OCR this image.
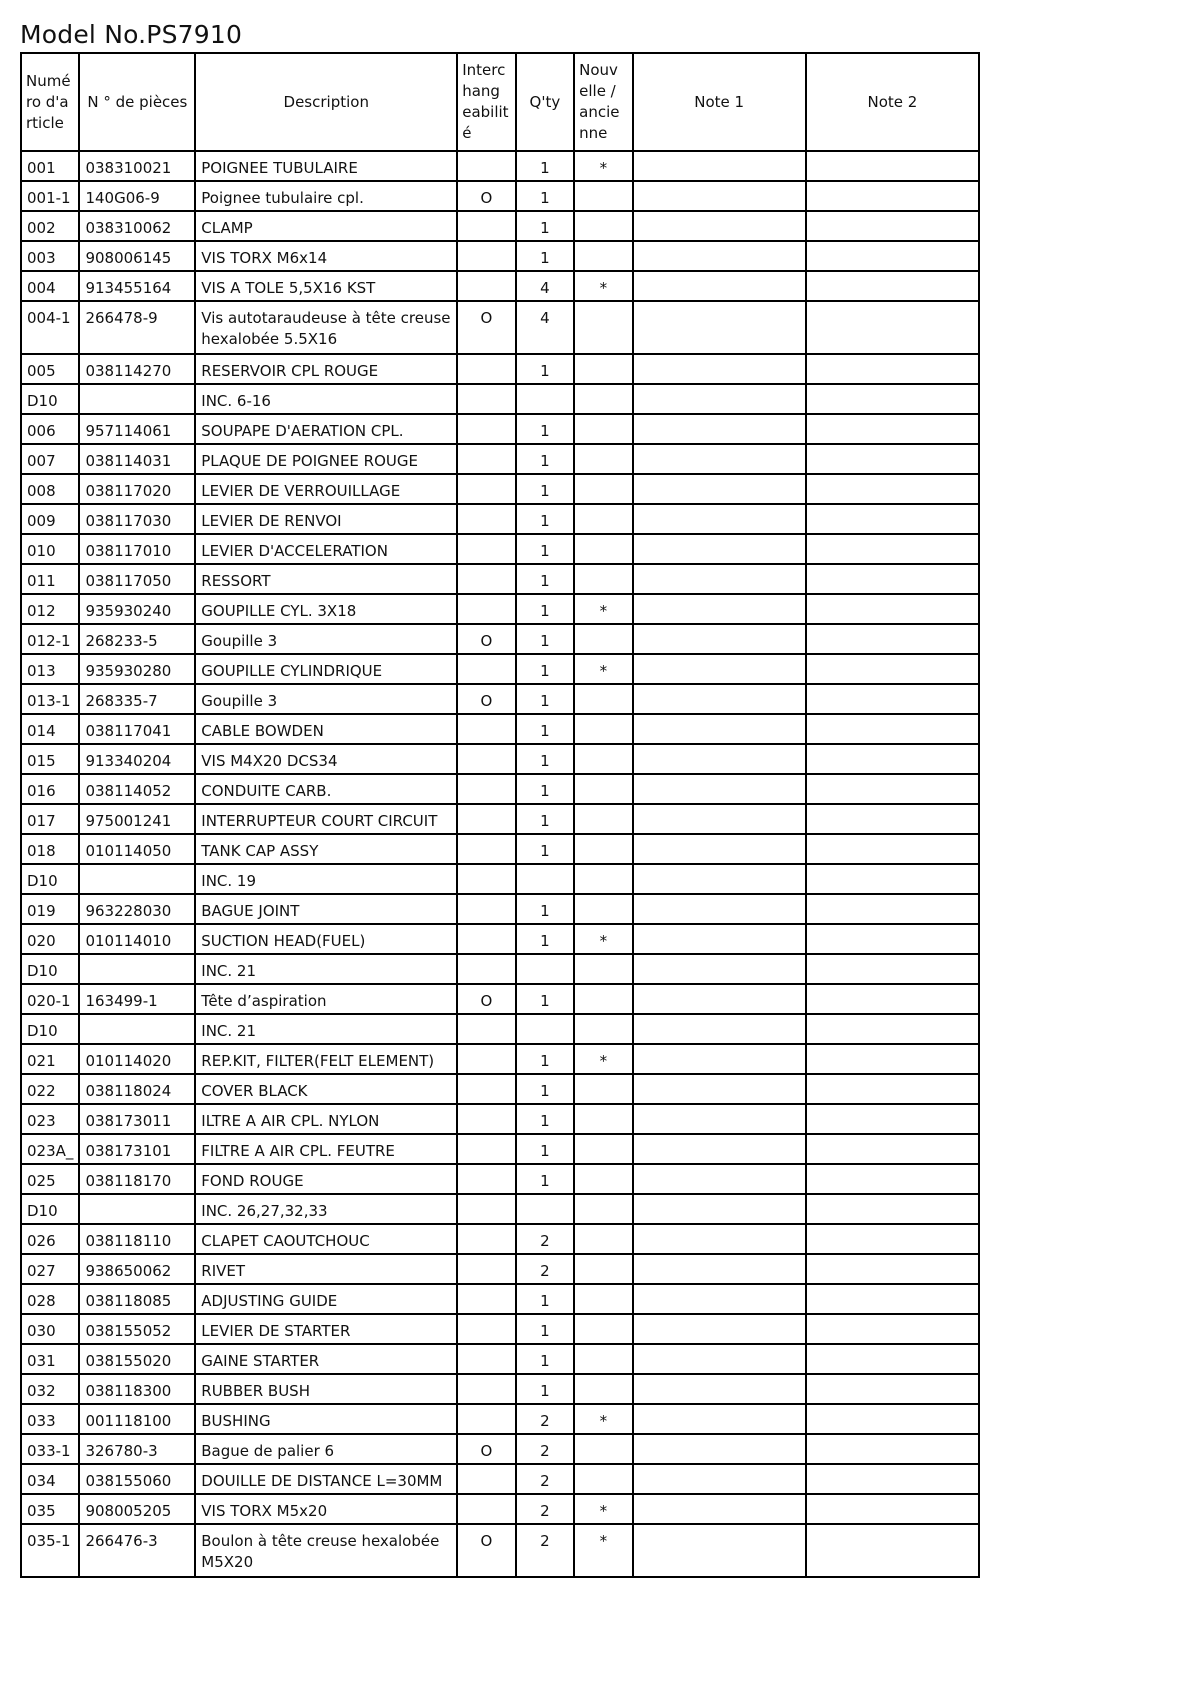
Model No.PS7910
Numé
ro d'a
rticle	N ° de pièces	Description	Interc
hang
eabilit
é	Q'ty	Nouv
elle /
ancie
nne	Note 1	Note 2
001	038310021	POIGNEE TUBULAIRE		1	*		
001-1	140G06-9	Poignee tubulaire cpl.	O	1			
002	038310062	CLAMP		1			
003	908006145	VIS TORX M6x14		1			
004	913455164	VIS A TOLE 5,5X16 KST		4	*		
004-1	266478-9	Vis autotaraudeuse à tête creuse
hexalobée 5.5X16	O	4			
005	038114270	RESERVOIR CPL ROUGE		1			
D10		INC. 6-16					
006	957114061	SOUPAPE D'AERATION CPL.		1			
007	038114031	PLAQUE DE POIGNEE ROUGE		1			
008	038117020	LEVIER DE VERROUILLAGE		1			
009	038117030	LEVIER DE RENVOI		1			
010	038117010	LEVIER D'ACCELERATION		1			
011	038117050	RESSORT		1			
012	935930240	GOUPILLE CYL. 3X18		1	*		
012-1	268233-5	Goupille 3	O	1			
013	935930280	GOUPILLE CYLINDRIQUE		1	*		
013-1	268335-7	Goupille 3	O	1			
014	038117041	CABLE BOWDEN		1			
015	913340204	VIS M4X20 DCS34		1			
016	038114052	CONDUITE CARB.		1			
017	975001241	INTERRUPTEUR COURT CIRCUIT		1			
018	010114050	TANK CAP ASSY		1			
D10		INC. 19					
019	963228030	BAGUE JOINT		1			
020	010114010	SUCTION HEAD(FUEL)		1	*		
D10		INC. 21					
020-1	163499-1	Tête d’aspiration	O	1			
D10		INC. 21					
021	010114020	REP.KIT, FILTER(FELT ELEMENT)		1	*		
022	038118024	COVER BLACK		1			
023	038173011	ILTRE A AIR CPL. NYLON		1			
023A_	038173101	FILTRE A AIR CPL. FEUTRE		1			
025	038118170	FOND ROUGE		1			
D10		INC. 26,27,32,33					
026	038118110	CLAPET CAOUTCHOUC		2			
027	938650062	RIVET		2			
028	038118085	ADJUSTING GUIDE		1			
030	038155052	LEVIER DE STARTER		1			
031	038155020	GAINE STARTER		1			
032	038118300	RUBBER BUSH		1			
033	001118100	BUSHING		2	*		
033-1	326780-3	Bague de palier 6	O	2			
034	038155060	DOUILLE DE DISTANCE L=30MM		2			
035	908005205	VIS TORX M5x20		2	*		
035-1	266476-3	Boulon à tête creuse hexalobée
M5X20	O	2	*		
